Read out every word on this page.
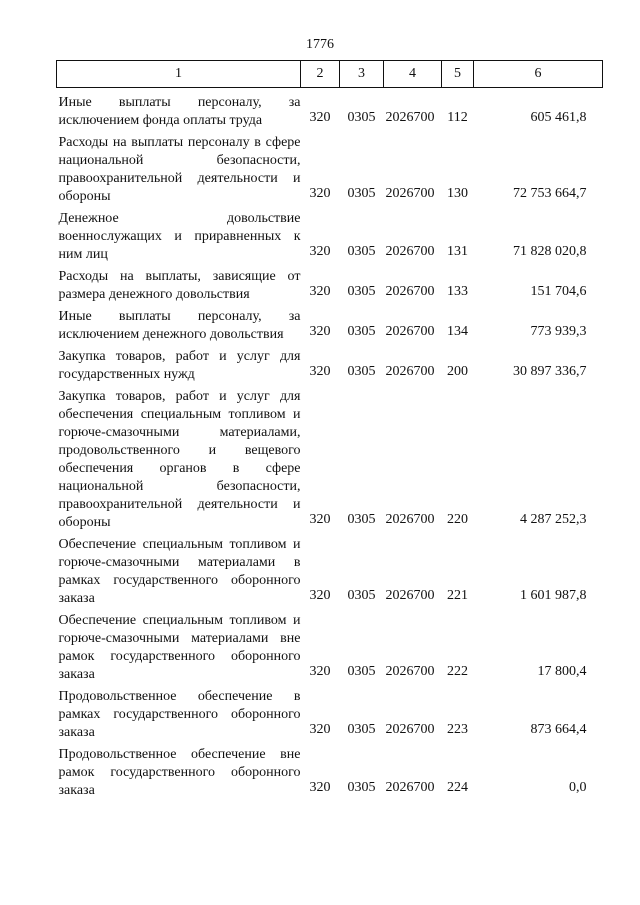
1776
1	2	3	4	5	6
Иные выплаты персоналу, за исключением фонда оплаты труда	320	0305	2026700	112	605 461,8
Расходы на выплаты персоналу в сфере национальной безопасности, правоохранительной деятельности и обороны	320	0305	2026700	130	72 753 664,7
Денежное довольствие военнослужащих и приравненных к ним лиц	320	0305	2026700	131	71 828 020,8
Расходы на выплаты, зависящие от размера денежного довольствия	320	0305	2026700	133	151 704,6
Иные выплаты персоналу, за исключением денежного довольствия	320	0305	2026700	134	773 939,3
Закупка товаров, работ и услуг для государственных нужд	320	0305	2026700	200	30 897 336,7
Закупка товаров, работ и услуг для обеспечения специальным топливом и горюче-смазочными материалами, продовольственного и вещевого обеспечения органов в сфере национальной безопасности, правоохранительной деятельности и обороны	320	0305	2026700	220	4 287 252,3
Обеспечение специальным топливом и горюче-смазочными материалами в рамках государственного оборонного заказа	320	0305	2026700	221	1 601 987,8
Обеспечение специальным топливом и горюче-смазочными материалами вне рамок государственного оборонного заказа	320	0305	2026700	222	17 800,4
Продовольственное обеспечение в рамках государственного оборонного заказа	320	0305	2026700	223	873 664,4
Продовольственное обеспечение вне рамок государственного оборонного заказа	320	0305	2026700	224	0,0
